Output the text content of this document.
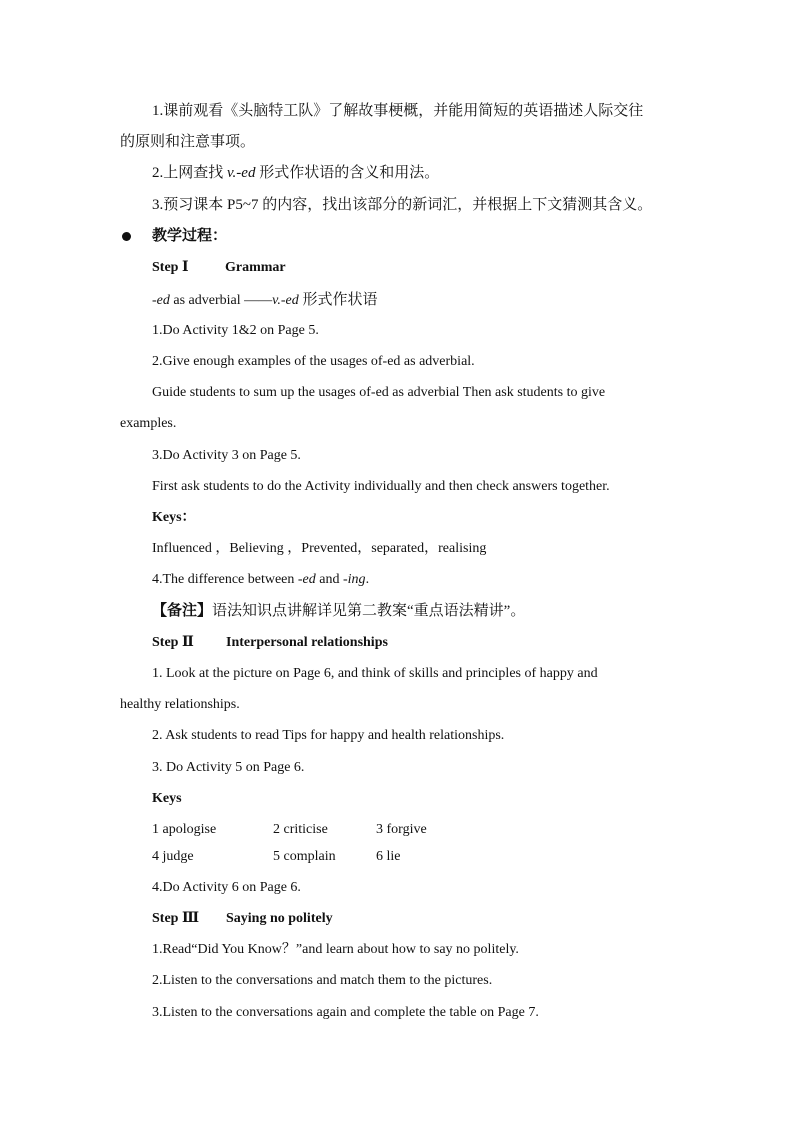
1.课前观看《头脑特工队》了解故事梗概，并能用简短的英语描述人际交往
的原则和注意事项。
2.上网查找 v.-ed 形式作状语的含义和用法。
3.预习课本 P5~7 的内容，找出该部分的新词汇，并根据上下文猜测其含义。
教学过程：
Step Ⅰ	Grammar
-ed as adverbial ——v.-ed 形式作状语
1.Do Activity 1&2 on Page 5.
2.Give enough examples of the usages of-ed as adverbial.
Guide students to sum up the usages of-ed as adverbial Then ask students to give
examples.
3.Do Activity 3 on Page 5.
First ask students to do the Activity individually and then check answers together.
Keys：
Influenced ，Believing ，Prevented，separated，realising
4.The difference between -ed and -ing.
【备注】语法知识点讲解详见第二教案“重点语法精讲”。
Step Ⅱ Interpersonal relationships
1. Look at the picture on Page 6, and think of skills and principles of happy and
healthy relationships.
2. Ask students to read Tips for happy and health relationships.
3. Do Activity 5 on Page 6.
Keys
1 apologise	2 criticise	3 forgive
4 judge	5 complain	6 lie
4.Do Activity 6 on Page 6.
Step Ⅲ Saying no politely
1.Read“Did You Know？”and learn about how to say no politely.
2.Listen to the conversations and match them to the pictures.
3.Listen to the conversations again and complete the table on Page 7.
